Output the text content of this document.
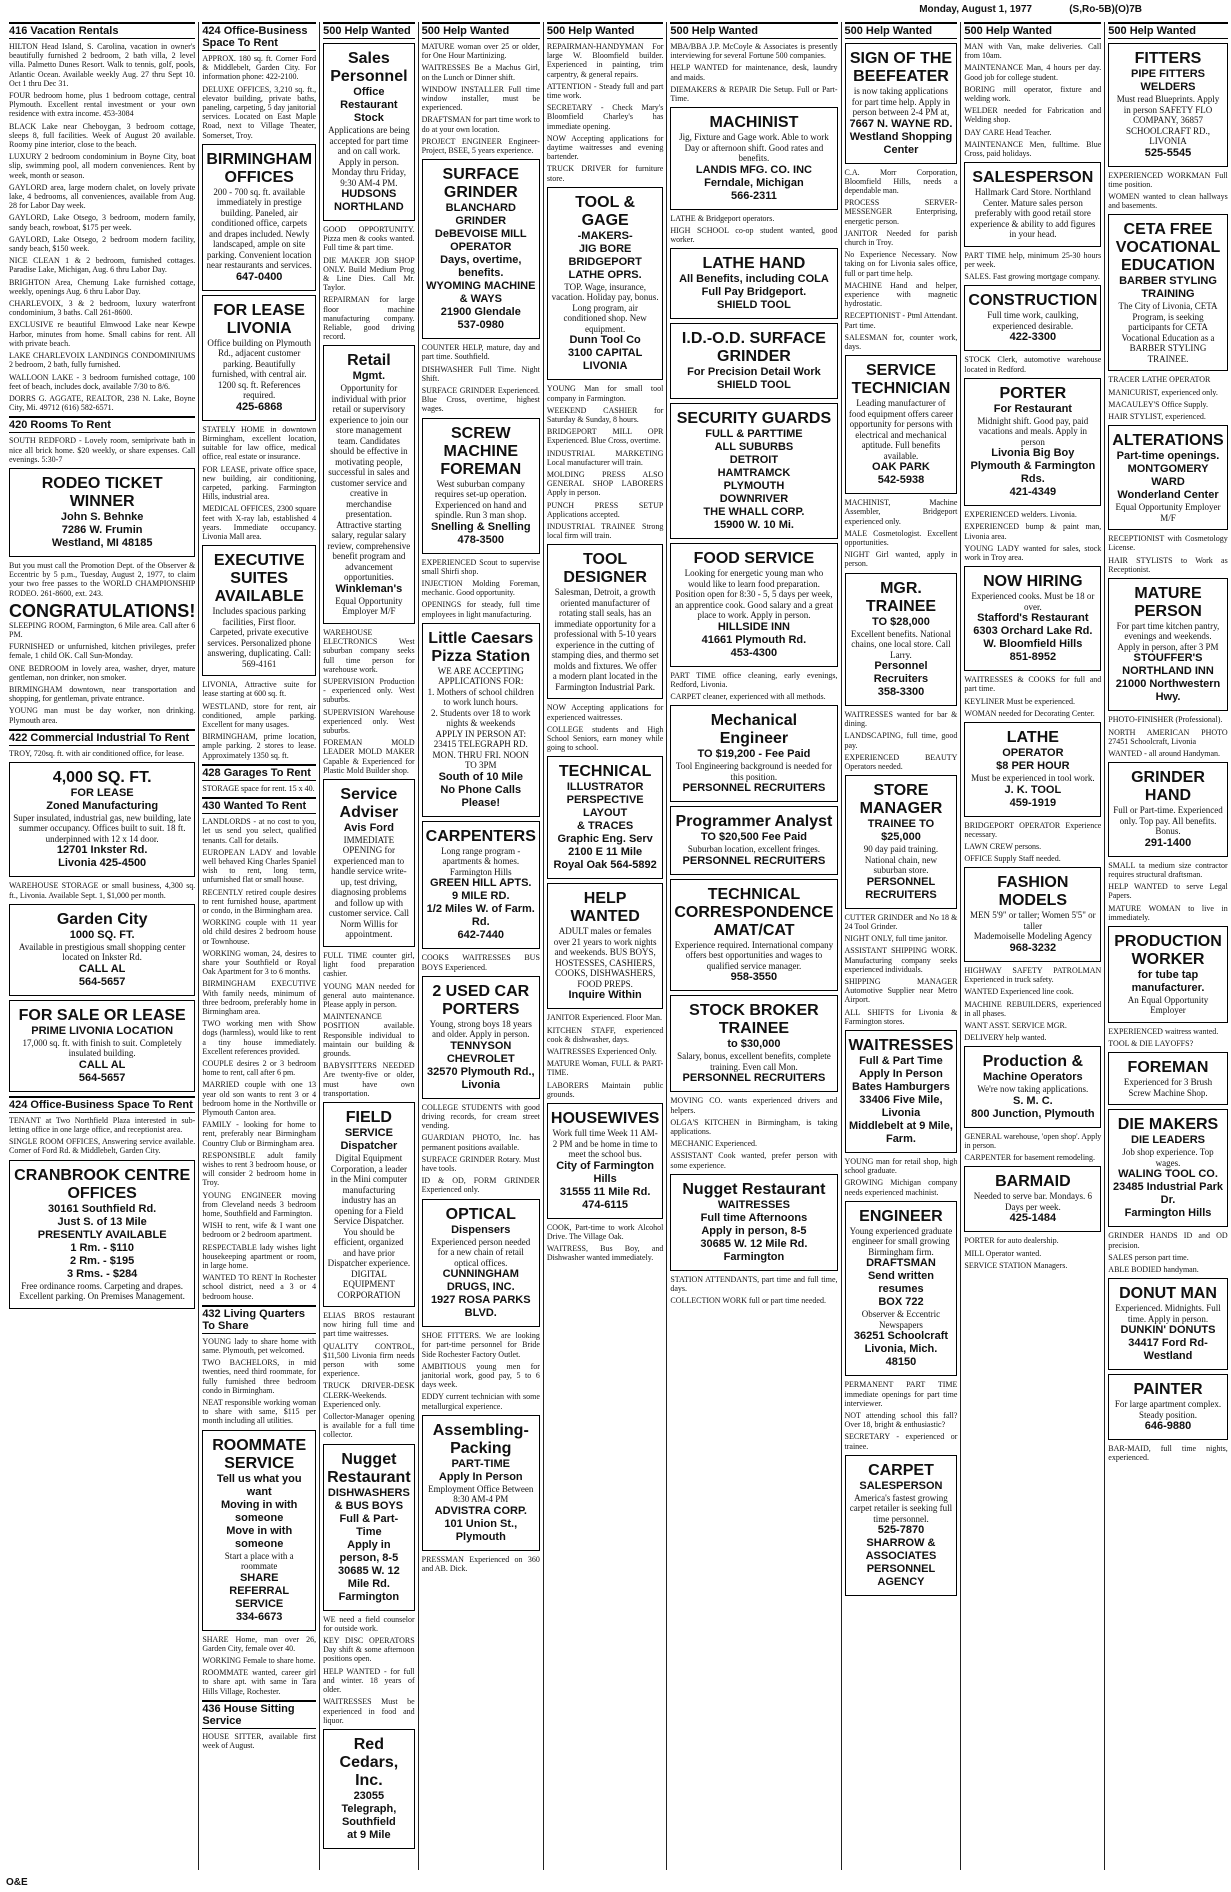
Monday, August 1, 1977	(S,Ro-5B)(O)7B
416 Vacation Rentals
HILTON Head Island, S. Carolina, vacation in owner's beautifully furnished 2 bedroom, 2 bath villa, 2 level villa. Palmetto Dunes Resort. Walk to tennis, golf, pools, Atlantic Ocean. Available weekly Aug. 27 thru Sept 10. Oct 1 thru Dec 31.
FOUR bedroom home, plus 1 bedroom cottage, central Plymouth. Excellent rental investment or your own residence with extra income. 453-3084
BLACK Lake near Cheboygan, 3 bedroom cottage, sleeps 8, full facilities. Week of August 20 available. Roomy pine interior, close to the beach.
LUXURY 2 bedroom condominium in Boyne City, boat slip, swimming pool, all modern conveniences. Rent by week, month or season.
GAYLORD area, large modern chalet, on lovely private lake, 4 bedrooms, all conveniences, available from Aug. 28 for Labor Day week.
GAYLORD, Lake Otsego, 3 bedroom, modern family, sandy beach, rowboat, $175 per week.
GAYLORD, Lake Otsego, 2 bedroom modern facility, sandy beach, $150 week.
NICE CLEAN 1 & 2 bedroom, furnished cottages. Paradise Lake, Michigan, Aug. 6 thru Labor Day.
BRIGHTON Area, Chemung Lake furnished cottage, weekly, openings Aug. 6 thru Labor Day.
CHARLEVOIX, 3 & 2 bedroom, luxury waterfront condominium, 3 baths. Call 261-8600.
EXCLUSIVE re beautiful Elmwood Lake near Kewpe Harbor, minutes from home. Small cabins for rent. All with private beach.
LAKE CHARLEVOIX LANDINGS CONDOMINIUMS 2 bedroom, 2 bath, fully furnished.
WALLOON LAKE - 3 bedroom furnished cottage, 100 feet of beach, includes dock, available 7/30 to 8/6.
DORRS G. AGGATE, REALTOR, 238 N. Lake, Boyne City, Mi. 49712 (616) 582-6571.
420 Rooms To Rent
SOUTH REDFORD - Lovely room, semiprivate bath in nice all brick home. $20 weekly, or share expenses. Call evenings. 5:30-7
RODEO TICKET WINNER
John S. Behnke
7286 W. Frumin
Westland, MI 48185
But you must call the Promotion Dept. of the Observer & Eccentric by 5 p.m., Tuesday, August 2, 1977, to claim your two free passes to the WORLD CHAMPIONSHIP RODEO. 261-8600, ext. 243.
CONGRATULATIONS!
SLEEPING ROOM, Farmington, 6 Mile area. Call after 6 PM.
FURNISHED or unfurnished, kitchen privileges, prefer female, 1 child OK. Call Sun-Monday.
ONE BEDROOM in lovely area, washer, dryer, mature gentleman, non drinker, non smoker.
BIRMINGHAM downtown, near transportation and shopping, for gentleman, private entrance.
YOUNG man must be day worker, non drinking. Plymouth area.
422 Commercial Industrial To Rent
TROY, 720sq. ft. with air conditioned office, for lease.
4,000 SQ. FT.
FOR LEASE
Zoned Manufacturing
Super insulated, industrial gas, new building, late summer occupancy. Offices built to suit. 18 ft. underpinned with 12 x 14 door.
12701 Inkster Rd.
Livonia 425-4500
WAREHOUSE STORAGE or small business, 4,300 sq. ft., Livonia. Available Sept. 1, $1,000 per month.
Garden City
1000 SQ. FT.
Available in prestigious small shopping center located on Inkster Rd.
CALL AL
564-5657
FOR SALE OR LEASE
PRIME LIVONIA LOCATION
17,000 sq. ft. with finish to suit. Completely insulated building.
CALL AL
564-5657
424 Office-Business Space To Rent
TENANT at Two Northfield Plaza interested in sub-letting office in one large office, and receptionist area.
SINGLE ROOM OFFICES, Answering service available. Corner of Ford Rd. & Middlebelt, Garden City.
CRANBROOK CENTRE OFFICES
30161 Southfield Rd.
Just S. of 13 Mile
PRESENTLY AVAILABLE
1 Rm. - $110
2 Rm. - $195
3 Rms. - $284
Free ordinance rooms. Carpeting and drapes. Excellent parking. On Premises Management.
424 Office-Business Space To Rent
APPROX. 180 sq. ft. Corner Ford & Middlebelt, Garden City. For information phone: 422-2100.
DELUXE OFFICES, 3,210 sq. ft., elevator building, private baths, paneling, carpeting, 5 day janitorial services. Located on East Maple Road, next to Village Theater, Somerset, Troy.
BIRMINGHAM OFFICES
200 - 700 sq. ft. available immediately in prestige building. Paneled, air conditioned office, carpets and drapes included. Newly landscaped, ample on site parking. Convenient location near restaurants and services.
647-0400
FOR LEASE LIVONIA
Office building on Plymouth Rd., adjacent customer parking. Beautifully furnished, with central air. 1200 sq. ft. References required.
425-6868
STATELY HOME in downtown Birmingham, excellent location, suitable for law office, medical office, real estate or insurance.
FOR LEASE, private office space, new building, air conditioning, carpeted, parking. Farmington Hills, industrial area.
MEDICAL OFFICES, 2300 square feet with X-ray lab, established 4 years. Immediate occupancy. Livonia Mall area.
EXECUTIVE SUITES AVAILABLE
Includes spacious parking facilities, First floor. Carpeted, private executive services. Personalized phone answering, duplicating. Call: 569-4161
LIVONIA, Attractive suite for lease starting at 600 sq. ft.
WESTLAND, store for rent, air conditioned, ample parking. Excellent for many usages.
BIRMINGHAM, prime location, ample parking. 2 stores to lease. Approximately 1350 sq. ft.
428 Garages To Rent
STORAGE space for rent. 15 x 40.
430 Wanted To Rent
LANDLORDS - at no cost to you, let us send you select, qualified tenants. Call for details.
EUROPEAN LADY and lovable well behaved King Charles Spaniel wish to rent, long term, unfurnished flat or small house.
RECENTLY retired couple desires to rent furnished house, apartment or condo, in the Birmingham area.
WORKING couple with 11 year old child desires 2 bedroom house or Townhouse.
WORKING woman, 24, desires to share your Southfield or Royal Oak Apartment for 3 to 6 months.
BIRMINGHAM EXECUTIVE With family needs, minimum of three bedroom, preferably home in Birmingham area.
TWO working men with Show dogs (harmless), would like to rent a tiny house immediately. Excellent references provided.
COUPLE desires 2 or 3 bedroom home to rent, call after 6 pm.
MARRIED couple with one 13 year old son wants to rent 3 or 4 bedroom home in the Northville or Plymouth Canton area.
FAMILY - looking for home to rent, preferably near Birmingham Country Club or Birmingham area.
RESPONSIBLE adult family wishes to rent 3 bedroom house, or will consider 2 bedroom home in Troy.
YOUNG ENGINEER moving from Cleveland needs 3 bedroom home, Southfield and Farmington.
WISH to rent, wife & I want one bedroom or 2 bedroom apartment.
RESPECTABLE lady wishes light housekeeping apartment or room, in large home.
WANTED TO RENT In Rochester school district, need a 3 or 4 bedroom house.
432 Living Quarters To Share
YOUNG lady to share home with same. Plymouth, pet welcomed.
TWO BACHELORS, in mid twenties, need third roommate, for fully furnished three bedroom condo in Birmingham.
NEAT responsible working woman to share with same, $115 per month including all utilities.
ROOMMATE SERVICE
Tell us what you want
Moving in with someone
Move in with someone
Start a place with a roommate
SHARE
REFERRAL SERVICE
334-6673
SHARE Home, man over 26, Garden City, female over 40.
WORKING Female to share home.
ROOMMATE wanted, career girl to share apt. with same in Tara Hills Village, Rochester.
436 House Sitting Service
HOUSE SITTER, available first week of August.
500 Help Wanted
Sales Personnel
Office
Restaurant
Stock
Applications are being accepted for part time and on call work. Apply in person. Monday thru Friday, 9:30 AM-4 PM.
HUDSONS
NORTHLAND
GOOD OPPORTUNITY. Pizza men & cooks wanted. Full time & part time.
DIE MAKER JOB SHOP ONLY. Build Medium Prog & Line Dies. Call Mr. Taylor.
REPAIRMAN for large floor machine manufacturing company. Reliable, good driving record.
Retail
Mgmt.
Opportunity for individual with prior retail or supervisory experience to join our store management team. Candidates should be effective in motivating people, successful in sales and customer service and creative in merchandise presentation. Attractive starting salary, regular salary review, comprehensive benefit program and advancement opportunities.
Winkleman's
Equal Opportunity Employer M/F
WAREHOUSE ELECTRONICS West suburban company seeks full time person for warehouse work.
SUPERVISION Production - experienced only. West suburbs.
SUPERVISION Warehouse experienced only. West suburbs.
FOREMAN MOLD LEADER MOLD MAKER Capable & Experienced for Plastic Mold Builder shop.
Service Adviser
Avis Ford
IMMEDIATE OPENING for experienced man to handle service write-up, test driving, diagnosing problems and follow up with customer service. Call Norm Willis for appointment.
FULL TIME counter girl, light food preparation cashier.
YOUNG MAN needed for general auto maintenance. Please apply in person.
MAINTENANCE POSITION available. Responsible individual to maintain our building & grounds.
BABYSITTERS NEEDED Are twenty-five or older, must have own transportation.
FIELD
SERVICE
Dispatcher
Digital Equipment Corporation, a leader in the Mini computer manufacturing industry has an opening for a Field Service Dispatcher.
You should be efficient, organized and have prior Dispatcher experience.
DIGITAL EQUIPMENT CORPORATION
ELIAS BROS restaurant now hiring full time and part time waitresses.
QUALITY CONTROL, $11,500 Livonia firm needs person with some experience.
TRUCK DRIVER-DESK CLERK-Weekends. Experienced only.
Collector-Manager opening is available for a full time collector.
Nugget Restaurant
DISHWASHERS & BUS BOYS
Full & Part-Time
Apply in person, 8-5
30685 W. 12 Mile Rd.
Farmington
WE need a field counselor for outside work.
KEY DISC OPERATORS Day shift & some afternoon positions open.
HELP WANTED - for full and winter. 18 years of older.
WAITRESSES Must be experienced in food and liquor.
Red Cedars, Inc.
23055 Telegraph, Southfield
at 9 Mile
500 Help Wanted
MATURE woman over 25 or older, for One Hour Martinizing.
WAITRESSES Be a Machus Girl, on the Lunch or Dinner shift.
WINDOW INSTALLER Full time window installer, must be experienced.
DRAFTSMAN for part time work to do at your own location.
PROJECT ENGINEER Engineer-Project, BSEE, 5 years experience.
SURFACE GRINDER
BLANCHARD GRINDER
DeBEVOISE MILL OPERATOR
Days, overtime, benefits.
WYOMING MACHINE & WAYS
21900 Glendale
537-0980
COUNTER HELP, mature, day and part time. Southfield.
DISHWASHER Full Time. Night Shift.
SURFACE GRINDER Experienced. Blue Cross, overtime, highest wages.
SCREW MACHINE FOREMAN
West suburban company requires set-up operation. Experienced on hand and spindle. Run 3 man shop.
Snelling & Snelling
478-3500
EXPERIENCED Scout to supervise small Shirfi shop.
INJECTION Molding Foreman, mechanic. Good opportunity.
OPENINGS for steady, full time employees in light manufacturing.
Little Caesars Pizza Station
WE ARE ACCEPTING APPLICATIONS FOR:
1. Mothers of school children to work lunch hours.
2. Students over 18 to work nights & weekends
APPLY IN PERSON AT: 23415 TELEGRAPH RD. MON. THRU FRI. NOON TO 3PM
South of 10 Mile
No Phone Calls Please!
CARPENTERS
Long range program - apartments & homes. Farmington Hills
GREEN HILL APTS.
9 MILE RD.
1/2 Miles W. of Farm. Rd.
642-7440
COOKS WAITRESSES BUS BOYS Experienced.
2 USED CAR PORTERS
Young, strong boys 18 years and older. Apply in person.
TENNYSON CHEVROLET
32570 Plymouth Rd., Livonia
COLLEGE STUDENTS with good driving records, for cream street vending.
GUARDIAN PHOTO, Inc. has permanent positions available.
SURFACE GRINDER Rotary. Must have tools.
ID & OD, FORM GRINDER Experienced only.
OPTICAL
Dispensers
Experienced person needed for a new chain of retail optical offices.
CUNNINGHAM DRUGS, INC.
1927 ROSA PARKS BLVD.
SHOE FITTERS. We are looking for part-time personnel for Bride Side Rochester Factory Outlet.
AMBITIOUS young men for janitorial work, good pay, 5 to 6 days week.
EDDY current technician with some metallurgical experience.
Assembling-Packing
PART-TIME
Apply In Person
Employment Office Between 8:30 AM-4 PM
ADVISTRA CORP.
101 Union St., Plymouth
PRESSMAN Experienced on 360 and AB. Dick.
500 Help Wanted
REPAIRMAN-HANDYMAN For large W. Bloomfield builder. Experienced in painting, trim carpentry, & general repairs.
ATTENTION - Steady full and part time work.
SECRETARY - Check Mary's Bloomfield Charley's has immediate opening.
NOW Accepting applications for daytime waitresses and evening bartender.
TRUCK DRIVER for furniture store.
TOOL & GAGE
-MAKERS-
JIG BORE
BRIDGEPORT
LATHE OPRS.
TOP. Wage, insurance, vacation. Holiday pay, bonus. Long program, air conditioned shop. New equipment.
Dunn Tool Co
3100 CAPITAL
LIVONIA
YOUNG Man for small tool company in Farmington.
WEEKEND CASHIER for Saturday & Sunday, 8 hours.
BRIDGEPORT MILL OPR Experienced. Blue Cross, overtime.
INDUSTRIAL MARKETING Local manufacturer will train.
MOLDING PRESS ALSO GENERAL SHOP LABORERS Apply in person.
PUNCH PRESS SETUP Applications accepted.
INDUSTRIAL TRAINEE Strong local firm will train.
TOOL DESIGNER
Salesman, Detroit, a growth oriented manufacturer of rotating stall seals, has an immediate opportunity for a professional with 5-10 years experience in the cutting of stamping dies, and thermo set molds and fixtures. We offer a modern plant located in the Farmington Industrial Park.
NOW Accepting applications for experienced waitresses.
COLLEGE students and High School Seniors, earn money while going to school.
TECHNICAL
ILLUSTRATOR
PERSPECTIVE
LAYOUT
& TRACES
Graphic Eng. Serv
2100 E 11 Mile
Royal Oak 564-5892
HELP WANTED
ADULT males or females over 21 years to work nights and weekends. BUS BOYS, HOSTESSES, CASHIERS, COOKS, DISHWASHERS, FOOD PREPS.
Inquire Within
JANITOR Experienced. Floor Man.
KITCHEN STAFF, experienced cook & dishwasher, days.
WAITRESSES Experienced Only.
MATURE Woman, FULL & PART-TIME.
LABORERS Maintain public grounds.
HOUSEWIVES
Work full time Week 11 AM-2 PM and be home in time to meet the school bus.
City of Farmington Hills
31555 11 Mile Rd.
474-6115
COOK, Part-time to work Alcohol Drive. The Village Oak.
WAITRESS, Bus Boy, and Dishwasher wanted immediately.
500 Help Wanted
MBA/BBA J.P. McCoyle & Associates is presently interviewing for several Fortune 500 companies.
HELP WANTED for maintenance, desk, laundry and maids.
DIEMAKERS & REPAIR Die Setup. Full or Part-Time.
MACHINIST
Jig, Fixture and Gage work. Able to work Day or afternoon shift. Good rates and benefits.
LANDIS MFG. CO. INC
Ferndale, Michigan
566-2311
LATHE & Bridgeport operators.
HIGH SCHOOL co-op student wanted, good worker.
LATHE HAND
All Benefits, including COLA
Full Pay Bridgeport.
SHIELD TOOL
I.D.-O.D. SURFACE GRINDER
For Precision Detail Work
SHIELD TOOL
SECURITY GUARDS
FULL & PARTTIME
ALL SUBURBS
DETROIT
HAMTRAMCK
PLYMOUTH
DOWNRIVER
THE WHALL CORP.
15900 W. 10 Mi.
FOOD SERVICE
Looking for energetic young man who would like to learn food preparation. Position open for 8:30 - 5, 5 days per week, an apprentice cook. Good salary and a great place to work. Apply in person.
HILLSIDE INN
41661 Plymouth Rd.
453-4300
PART TIME office cleaning, early evenings, Redford, Livonia.
CARPET cleaner, experienced with all methods.
Mechanical Engineer
TO $19,200 - Fee Paid
Tool Engineering background is needed for this position.
PERSONNEL RECRUITERS
Programmer Analyst
TO $20,500 Fee Paid
Suburban location, excellent fringes.
PERSONNEL RECRUITERS
TECHNICAL CORRESPONDENCE AMAT/CAT
Experience required. International company offers best opportunities and wages to qualified service manager.
958-3550
STOCK BROKER TRAINEE
to $30,000
Salary, bonus, excellent benefits, complete training. Even call Mon.
PERSONNEL RECRUITERS
MOVING CO. wants experienced drivers and helpers.
OLGA'S KITCHEN in Birmingham, is taking applications.
MECHANIC Experienced.
ASSISTANT Cook wanted, prefer person with some experience.
Nugget Restaurant
WAITRESSES
Full time Afternoons
Apply in person, 8-5
30685 W. 12 Mile Rd.
Farmington
STATION ATTENDANTS, part time and full time, days.
COLLECTION WORK full or part time needed.
500 Help Wanted
SIGN OF THE BEEFEATER
is now taking applications for part time help. Apply in person between 2-4 PM at,
7667 N. WAYNE RD.
Westland Shopping Center
C.A. Morr Corporation, Bloomfield Hills, needs a dependable man.
PROCESS SERVER-MESSENGER Enterprising, energetic person.
JANITOR Needed for parish church in Troy.
No Experience Necessary. Now taking on for Livonia sales office, full or part time help.
MACHINE Hand and helper, experience with magnetic hydrostatic.
RECEPTIONIST - Ptml Attendant. Part time.
SALESMAN for, counter work, days.
SERVICE TECHNICIAN
Leading manufacturer of food equipment offers career opportunity for persons with electrical and mechanical aptitude. Full benefits available.
OAK PARK
542-5938
MACHINIST, Machine Assembler, Bridgeport experienced only.
MALE Cosmetologist. Excellent opportunities.
NIGHT Girl wanted, apply in person.
MGR. TRAINEE
TO $28,000
Excellent benefits. National chains, one local store. Call Larry.
Personnel Recruiters
358-3300
WAITRESSES wanted for bar & dining.
LANDSCAPING, full time, good pay.
EXPERIENCED BEAUTY Operators needed.
STORE MANAGER
TRAINEE TO $25,000
90 day paid training. National chain, new suburban store.
PERSONNEL RECRUITERS
CUTTER GRINDER and No 18 & 24 Tool Grinder.
NIGHT ONLY, full time janitor.
ASSISTANT SHIPPING WORK. Manufacturing company seeks experienced individuals.
SHIPPING MANAGER Automotive Supplier near Metro Airport.
ALL SHIFTS for Livonia & Farmington stores.
WAITRESSES
Full & Part Time
Apply In Person
Bates Hamburgers
33406 Five Mile, Livonia
Middlebelt at 9 Mile, Farm.
YOUNG man for retail shop, high school graduate.
GROWING Michigan company needs experienced machinist.
ENGINEER
Young experienced graduate engineer for small growing Birmingham firm.
DRAFTSMAN
Send written resumes
BOX 722
Observer & Eccentric Newspapers
36251 Schoolcraft
Livonia, Mich. 48150
PERMANENT PART TIME immediate openings for part time interviewer.
NOT attending school this fall? Over 18, bright & enthusiastic?
SECRETARY - experienced or trainee.
CARPET
SALESPERSON
America's fastest growing carpet retailer is seeking full time personnel.
525-7870
SHARROW & ASSOCIATES
PERSONNEL AGENCY
500 Help Wanted
MAN with Van, make deliveries. Call from 10am.
MAINTENANCE Man, 4 hours per day. Good job for college student.
BORING mill operator, fixture and welding work.
WELDER needed for Fabrication and Welding shop.
DAY CARE Head Teacher.
MAINTENANCE Men, fulltime. Blue Cross, paid holidays.
SALESPERSON
Hallmark Card Store. Northland Center. Mature sales person preferably with good retail store experience & ability to add figures in your head.
PART TIME help, minimum 25-30 hours per week.
SALES. Fast growing mortgage company.
CONSTRUCTION
Full time work, caulking, experienced desirable.
422-3300
STOCK Clerk, automotive warehouse located in Redford.
PORTER
For Restaurant
Midnight shift. Good pay, paid vacations and meals. Apply in person
Livonia Big Boy
Plymouth & Farmington Rds.
421-4349
EXPERIENCED welders. Livonia.
EXPERIENCED bump & paint man, Livonia area.
YOUNG LADY wanted for sales, stock work in Troy area.
NOW HIRING
Experienced cooks. Must be 18 or over.
Stafford's Restaurant
6303 Orchard Lake Rd.
W. Bloomfield Hills
851-8952
WAITRESSES & COOKS for full and part time.
KEYLINER Must be experienced.
WOMAN needed for Decorating Center.
LATHE
OPERATOR
$8 PER HOUR
Must be experienced in tool work.
J. K. TOOL
459-1919
BRIDGEPORT OPERATOR Experience necessary.
LAWN CREW persons.
OFFICE Supply Staff needed.
FASHION MODELS
MEN 5'9" or taller; Women 5'5" or taller
Mademoiselle Modeling Agency
968-3232
HIGHWAY SAFETY PATROLMAN Experienced in truck safety.
WANTED Experienced line cook.
MACHINE REBUILDERS, experienced in all phases.
WANT ASST. SERVICE MGR.
DELIVERY help wanted.
Production &
Machine Operators
We're now taking applications.
S. M. C.
800 Junction, Plymouth
GENERAL warehouse, 'open shop'. Apply in person.
CARPENTER for basement remodeling.
BARMAID
Needed to serve bar. Mondays. 6 Days per week.
425-1484
PORTER for auto dealership.
MILL Operator wanted.
SERVICE STATION Managers.
500 Help Wanted
FITTERS
PIPE FITTERS
WELDERS
Must read Blueprints. Apply in person SAFETY FLO COMPANY, 36857 SCHOOLCRAFT RD., LIVONIA
525-5545
EXPERIENCED WORKMAN Full time position.
WOMEN wanted to clean hallways and basements.
CETA FREE VOCATIONAL EDUCATION
BARBER STYLING TRAINING
The City of Livonia, CETA Program, is seeking participants for CETA Vocational Education as a BARBER STYLING TRAINEE.
TRACER LATHE OPERATOR
MANICURIST, experienced only.
MACAULEY'S Office Supply.
HAIR STYLIST, experienced.
ALTERATIONS
Part-time openings.
MONTGOMERY WARD
Wonderland Center
Equal Opportunity Employer M/F
RECEPTIONIST with Cosmetology License.
HAIR STYLISTS to Work as Receptionist.
MATURE PERSON
For part time kitchen pantry, evenings and weekends. Apply in person, after 3 PM
STOUFFER'S NORTHLAND INN
21000 Northwestern Hwy.
PHOTO-FINISHER (Professional).
NORTH AMERICAN PHOTO 27451 Schoolcraft, Livonia
WANTED - all around Handyman.
GRINDER HAND
Full or Part-time. Experienced only. Top pay. All benefits. Bonus.
291-1400
SMALL ta medium size contractor requires structural draftsman.
HELP WANTED to serve Legal Papers.
MATURE WOMAN to live in immediately.
PRODUCTION WORKER
for tube tap manufacturer.
An Equal Opportunity Employer
EXPERIENCED waitress wanted.
TOOL & DIE LAYOFFS?
FOREMAN
Experienced for 3 Brush Screw Machine Shop.
DIE MAKERS
DIE LEADERS
Job shop experience. Top wages.
WALING TOOL CO.
23485 Industrial Park Dr.
Farmington Hills
GRINDER HANDS ID and OD precision.
SALES person part time.
ABLE BODIED handyman.
DONUT MAN
Experienced. Midnights. Full time. Apply in person.
DUNKIN' DONUTS
34417 Ford Rd-Westland
PAINTER
For large apartment complex. Steady position.
646-9880
BAR-MAID, full time nights, experienced.
O&E
